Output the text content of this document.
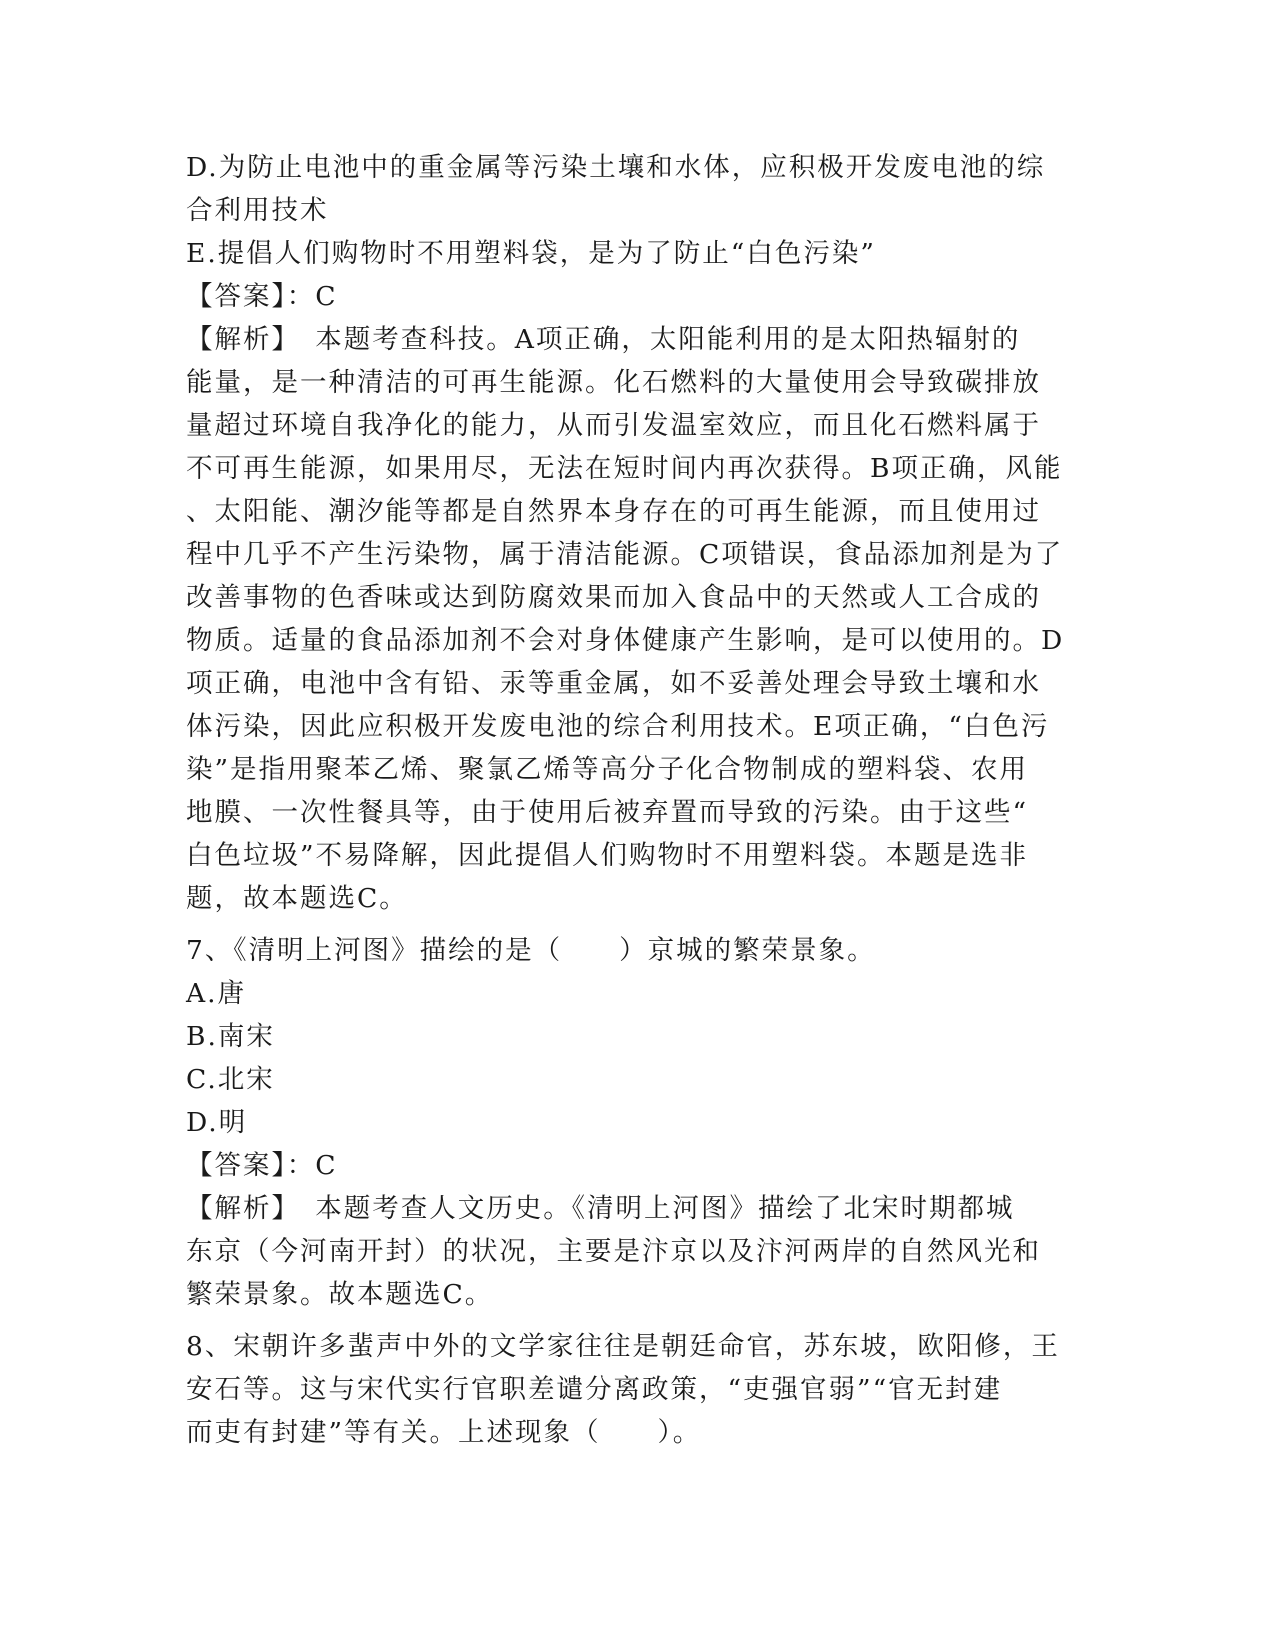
D.为防止电池中的重金属等污染土壤和水体，应积极开发废电池的综
合利用技术
E.提倡人们购物时不用塑料袋，是为了防止“白色污染”
【答案】：C
【解析】　本题考查科技。A项正确，太阳能利用的是太阳热辐射的
能量，是一种清洁的可再生能源。化石燃料的大量使用会导致碳排放
量超过环境自我净化的能力，从而引发温室效应，而且化石燃料属于
不可再生能源，如果用尽，无法在短时间内再次获得。B项正确，风能
、太阳能、潮汐能等都是自然界本身存在的可再生能源，而且使用过
程中几乎不产生污染物，属于清洁能源。C项错误，食品添加剂是为了
改善事物的色香味或达到防腐效果而加入食品中的天然或人工合成的
物质。适量的食品添加剂不会对身体健康产生影响，是可以使用的。D
项正确，电池中含有铅、汞等重金属，如不妥善处理会导致土壤和水
体污染，因此应积极开发废电池的综合利用技术。E项正确，“白色污
染”是指用聚苯乙烯、聚氯乙烯等高分子化合物制成的塑料袋、农用
地膜、一次性餐具等，由于使用后被弃置而导致的污染。由于这些“
白色垃圾”不易降解，因此提倡人们购物时不用塑料袋。本题是选非
题，故本题选C。
7、《清明上河图》描绘的是（　　）京城的繁荣景象。
A.唐
B.南宋
C.北宋
D.明
【答案】：C
【解析】　本题考查人文历史。《清明上河图》描绘了北宋时期都城
东京（今河南开封）的状况，主要是汴京以及汴河两岸的自然风光和
繁荣景象。故本题选C。
8、宋朝许多蜚声中外的文学家往往是朝廷命官，苏东坡，欧阳修，王
安石等。这与宋代实行官职差谴分离政策，“吏强官弱”“官无封建
而吏有封建”等有关。上述现象（　　）。
